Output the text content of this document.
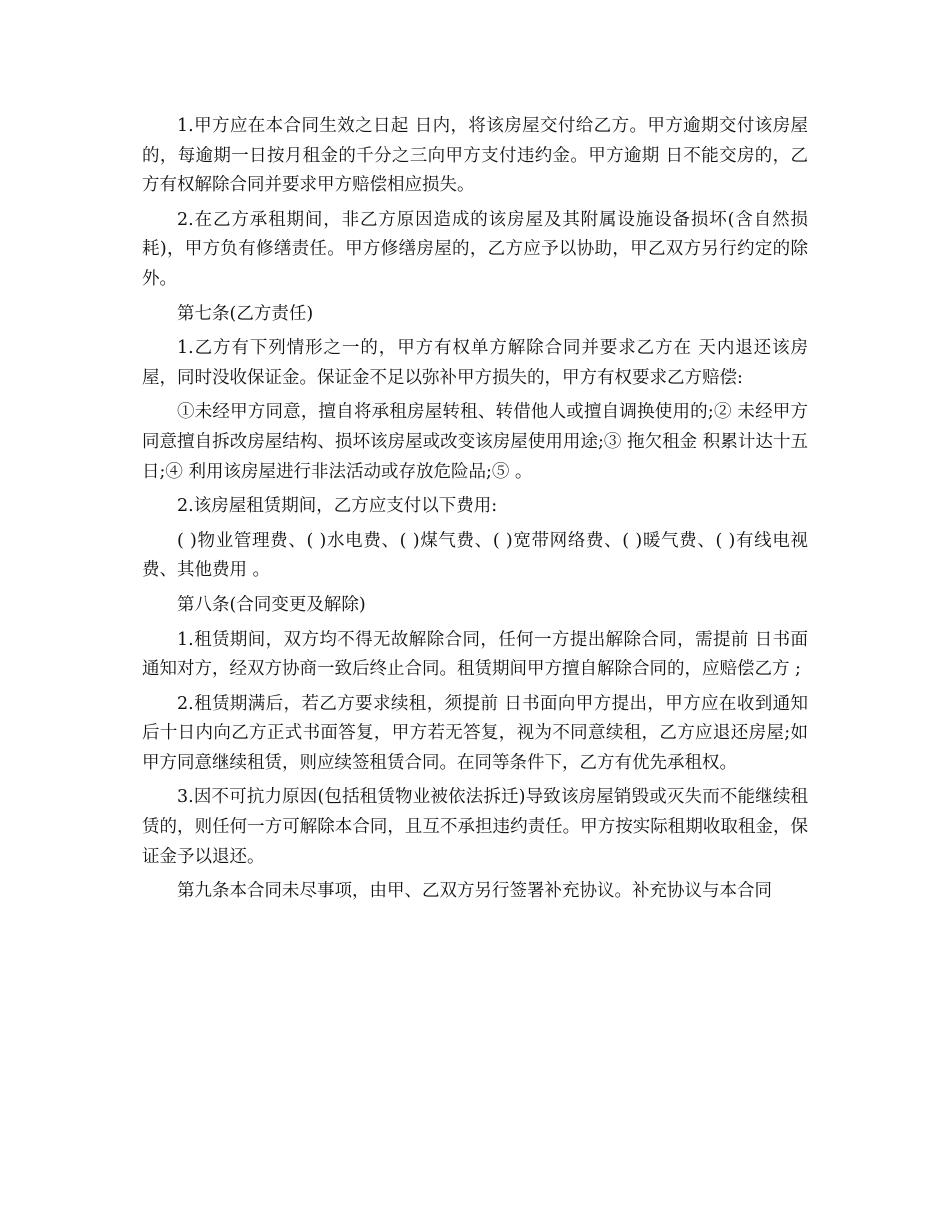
1.甲方应在本合同生效之日起 日内，将该房屋交付给乙方。甲方逾期交付该房屋的，每逾期一日按月租金的千分之三向甲方支付违约金。甲方逾期 日不能交房的，乙方有权解除合同并要求甲方赔偿相应损失。

2.在乙方承租期间，非乙方原因造成的该房屋及其附属设施设备损坏(含自然损耗)，甲方负有修缮责任。甲方修缮房屋的，乙方应予以协助，甲乙双方另行约定的除外。

第七条(乙方责任)

1.乙方有下列情形之一的，甲方有权单方解除合同并要求乙方在 天内退还该房屋，同时没收保证金。保证金不足以弥补甲方损失的，甲方有权要求乙方赔偿:

①未经甲方同意，擅自将承租房屋转租、转借他人或擅自调换使用的;② 未经甲方同意擅自拆改房屋结构、损坏该房屋或改变该房屋使用用途;③ 拖欠租金 积累计达十五日;④ 利用该房屋进行非法活动或存放危险品;⑤ 。

2.该房屋租赁期间，乙方应支付以下费用:

( )物业管理费、( )水电费、( )煤气费、( )宽带网络费、( )暖气费、( )有线电视费、其他费用 。

第八条(合同变更及解除)

1.租赁期间，双方均不得无故解除合同，任何一方提出解除合同，需提前 日书面通知对方，经双方协商一致后终止合同。租赁期间甲方擅自解除合同的，应赔偿乙方 ;

2.租赁期满后，若乙方要求续租，须提前 日书面向甲方提出，甲方应在收到通知后十日内向乙方正式书面答复，甲方若无答复，视为不同意续租，乙方应退还房屋;如甲方同意继续租赁，则应续签租赁合同。在同等条件下，乙方有优先承租权。

3.因不可抗力原因(包括租赁物业被依法拆迁)导致该房屋销毁或灭失而不能继续租赁的，则任何一方可解除本合同，且互不承担违约责任。甲方按实际租期收取租金，保证金予以退还。

第九条本合同未尽事项，由甲、乙双方另行签署补充协议。补充协议与本合同
